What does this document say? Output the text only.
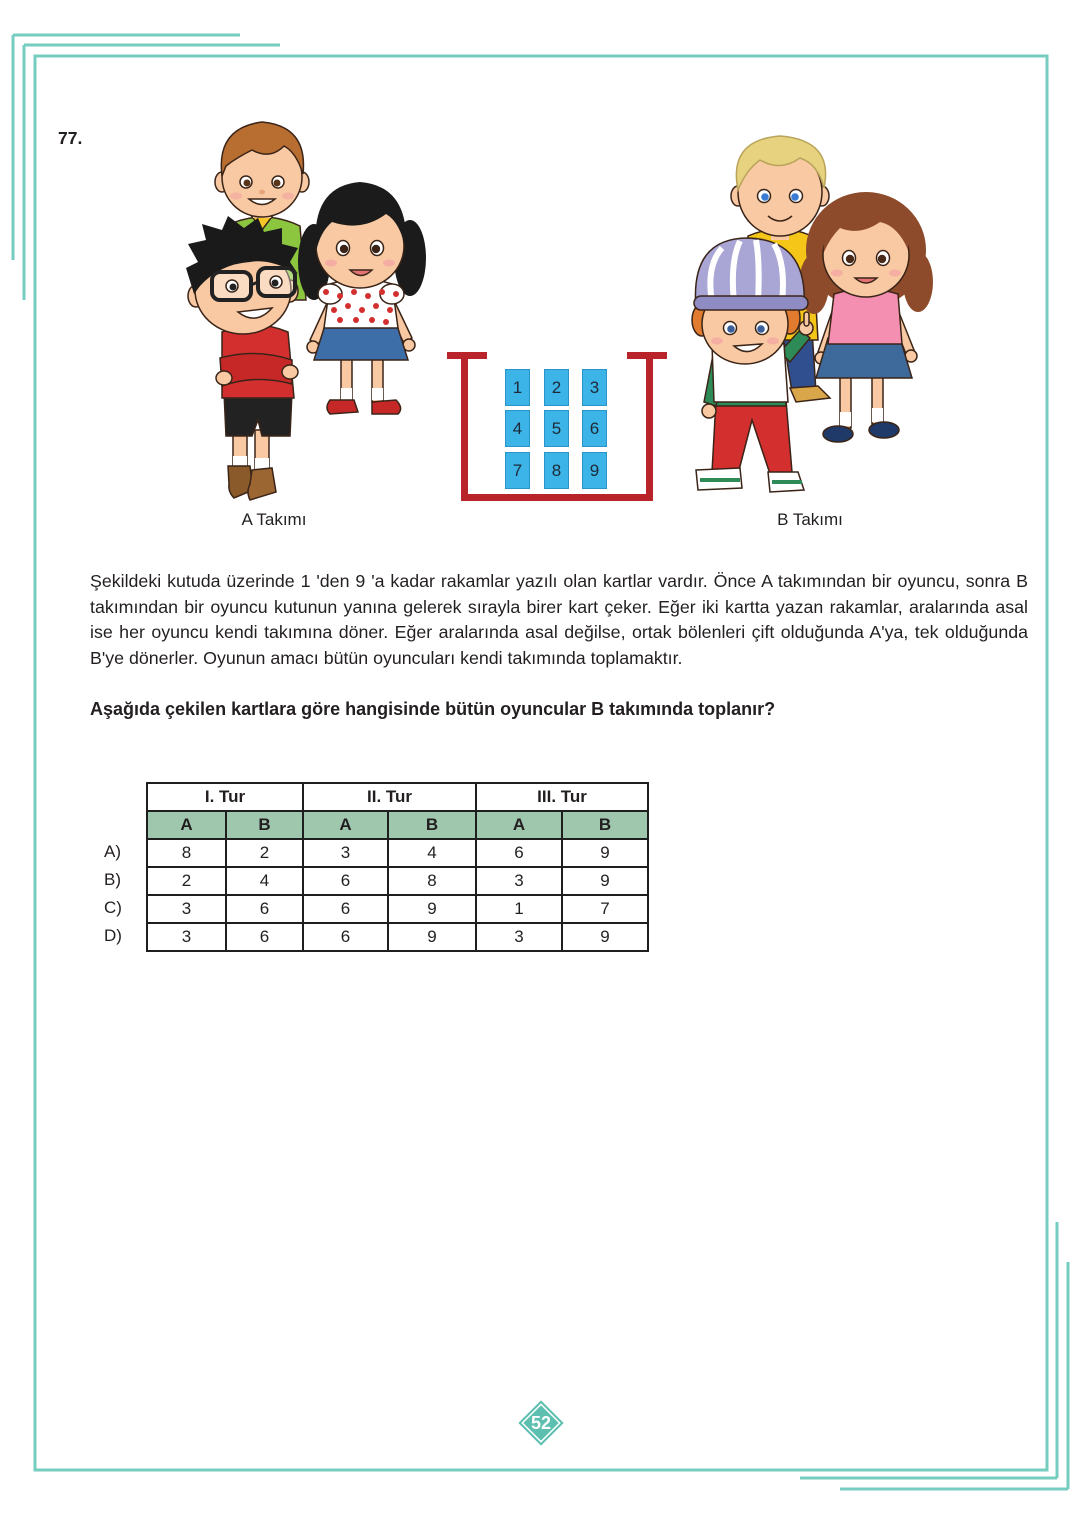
77.
1	2	3
4	5	6
7	8	9
A Takımı	B Takımı
Şekildeki kutuda üzerinde 1 'den 9 'a kadar rakamlar yazılı olan kartlar vardır. Önce A takımından bir oyuncu, sonra B
takımından bir oyuncu kutunun yanına gelerek sırayla birer kart çeker. Eğer iki kartta yazan rakamlar, aralarında asal
ise her oyuncu kendi takımına döner. Eğer aralarında asal değilse, ortak bölenleri çift olduğunda A'ya, tek olduğunda
B'ye dönerler. Oyunun amacı bütün oyuncuları kendi takımında toplamaktır.
Aşağıda çekilen kartlara göre hangisinde bütün oyuncular B takımında toplanır?
I. Tur		II. Tur		III. Tur	
A	B	A	B	A	B
8	2	3	4	6	9
2	4	6	8	3	9
3	6	6	9	1	7
3	6	6	9	3	9
A)
B)
C)
D)
52
